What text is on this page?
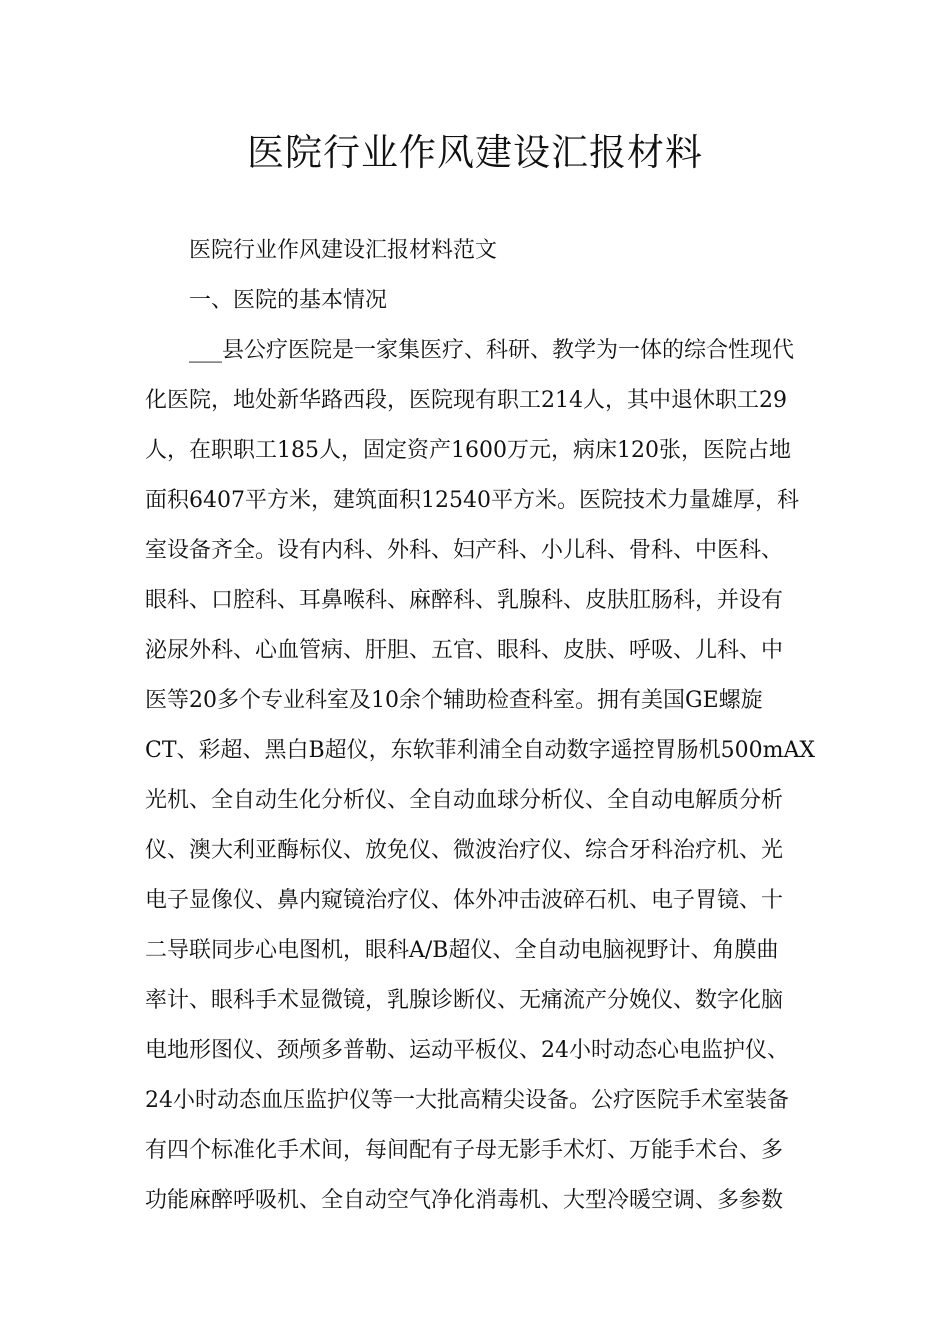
医院行业作风建设汇报材料
医院行业作风建设汇报材料范文
一、医院的基本情况
___县公疗医院是一家集医疗、科研、教学为一体的综合性现代
化医院，地处新华路西段，医院现有职工214人，其中退休职工29
人，在职职工185人，固定资产1600万元，病床120张，医院占地
面积6407平方米，建筑面积12540平方米。医院技术力量雄厚，科
室设备齐全。设有内科、外科、妇产科、小儿科、骨科、中医科、
眼科、口腔科、耳鼻喉科、麻醉科、乳腺科、皮肤肛肠科，并设有
泌尿外科、心血管病、肝胆、五官、眼科、皮肤、呼吸、儿科、中
医等20多个专业科室及10余个辅助检查科室。拥有美国GE螺旋
CT、彩超、黑白B超仪，东软菲利浦全自动数字遥控胃肠机500mAX
光机、全自动生化分析仪、全自动血球分析仪、全自动电解质分析
仪、澳大利亚酶标仪、放免仪、微波治疗仪、综合牙科治疗机、光
电子显像仪、鼻内窥镜治疗仪、体外冲击波碎石机、电子胃镜、十
二导联同步心电图机，眼科A/B超仪、全自动电脑视野计、角膜曲
率计、眼科手术显微镜，乳腺诊断仪、无痛流产分娩仪、数字化脑
电地形图仪、颈颅多普勒、运动平板仪、24小时动态心电监护仪、
24小时动态血压监护仪等一大批高精尖设备。公疗医院手术室装备
有四个标准化手术间，每间配有子母无影手术灯、万能手术台、多
功能麻醉呼吸机、全自动空气净化消毒机、大型冷暖空调、多参数
